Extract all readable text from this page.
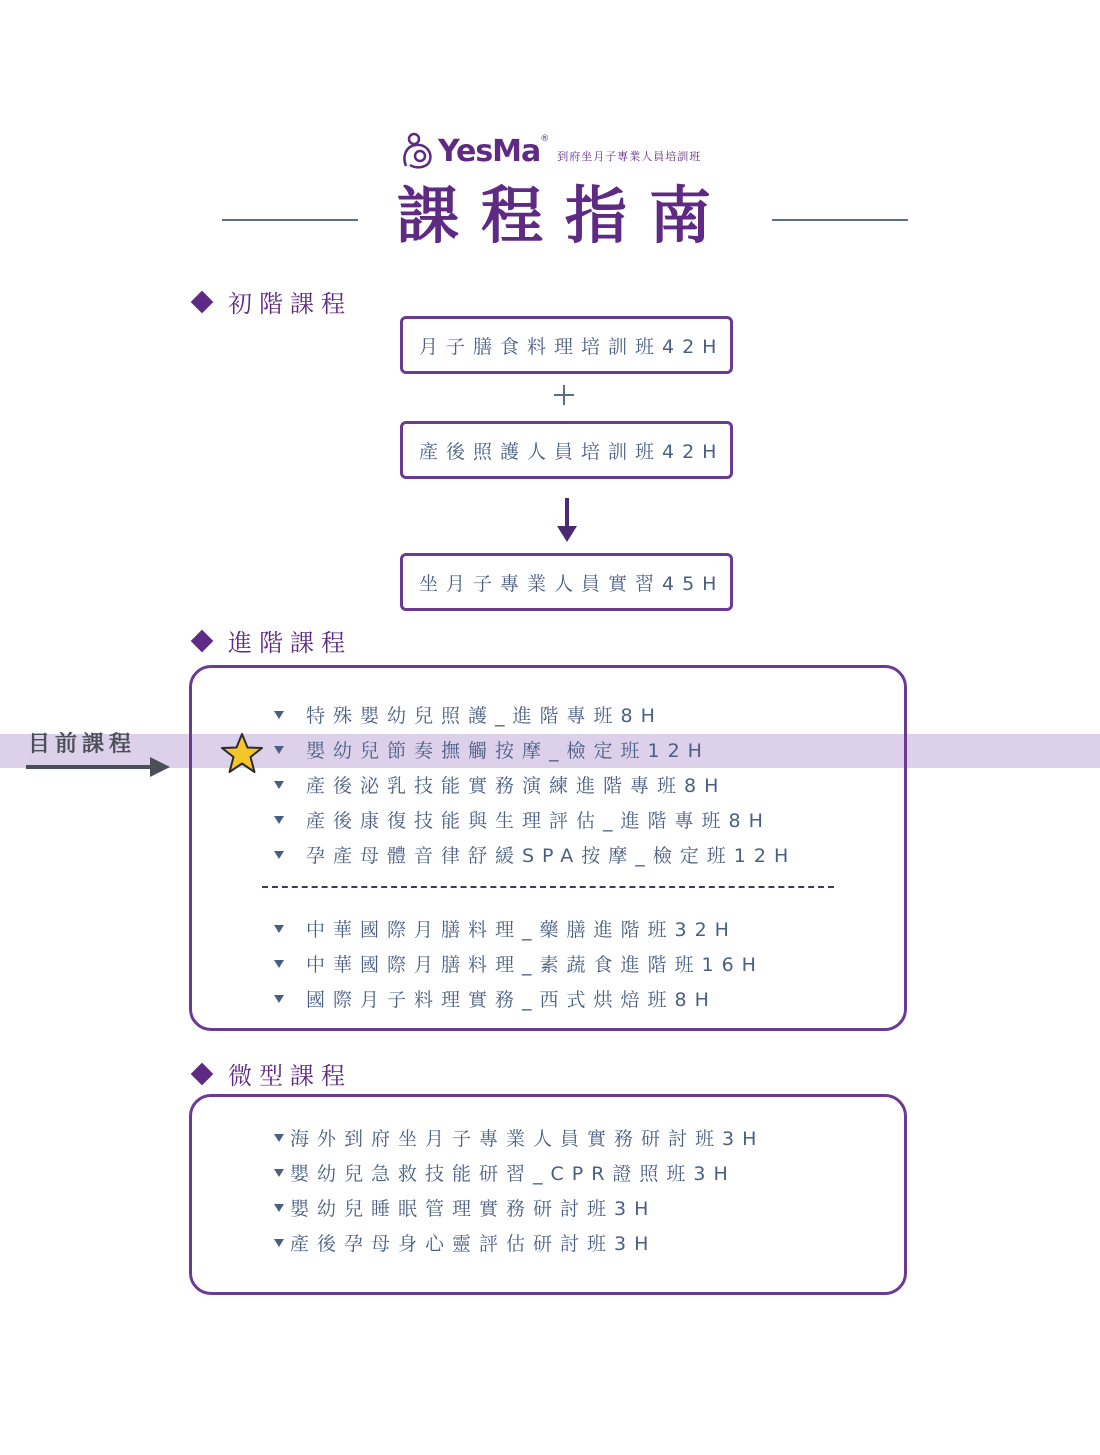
YesMa ®
到府坐月子專業人員培訓班
課程指南
初階課程
月子膳食料理培訓班42H
產後照護人員培訓班42H
坐月子專業人員實習45H
進階課程
目前課程
特殊嬰幼兒照護_進階專班8H
嬰幼兒節奏撫觸按摩_檢定班12H
產後泌乳技能實務演練進階專班8H
產後康復技能與生理評估_進階專班8H
孕產母體音律舒緩SPA按摩_檢定班12H
中華國際月膳料理_藥膳進階班32H
中華國際月膳料理_素蔬食進階班16H
國際月子料理實務_西式烘焙班8H
微型課程
海外到府坐月子專業人員實務研討班3H
嬰幼兒急救技能研習_CPR證照班3H
嬰幼兒睡眠管理實務研討班3H
產後孕母身心靈評估研討班3H
